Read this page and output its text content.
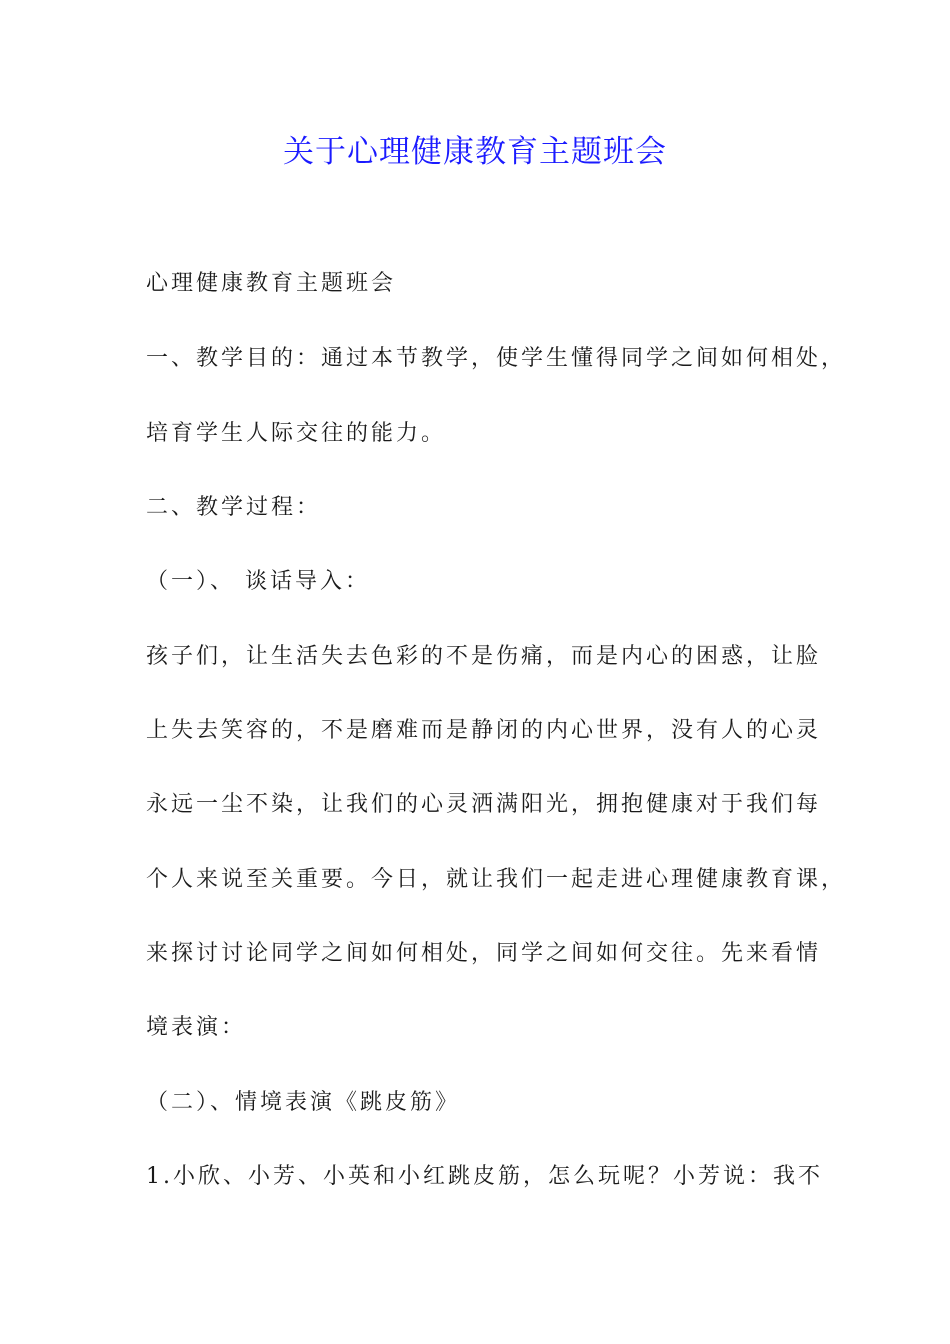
关于心理健康教育主题班会

心理健康教育主题班会

一、教学目的：通过本节教学，使学生懂得同学之间如何相处，

培育学生人际交往的能力。

二、教学过程：

（一）、 谈话导入：

孩子们，让生活失去色彩的不是伤痛，而是内心的困惑，让脸

上失去笑容的，不是磨难而是静闭的内心世界，没有人的心灵

永远一尘不染，让我们的心灵洒满阳光，拥抱健康对于我们每

个人来说至关重要。今日，就让我们一起走进心理健康教育课，

来探讨讨论同学之间如何相处，同学之间如何交往。先来看情

境表演：

（二）、情境表演《跳皮筋》

1.小欣、小芳、小英和小红跳皮筋，怎么玩呢？小芳说：我不
